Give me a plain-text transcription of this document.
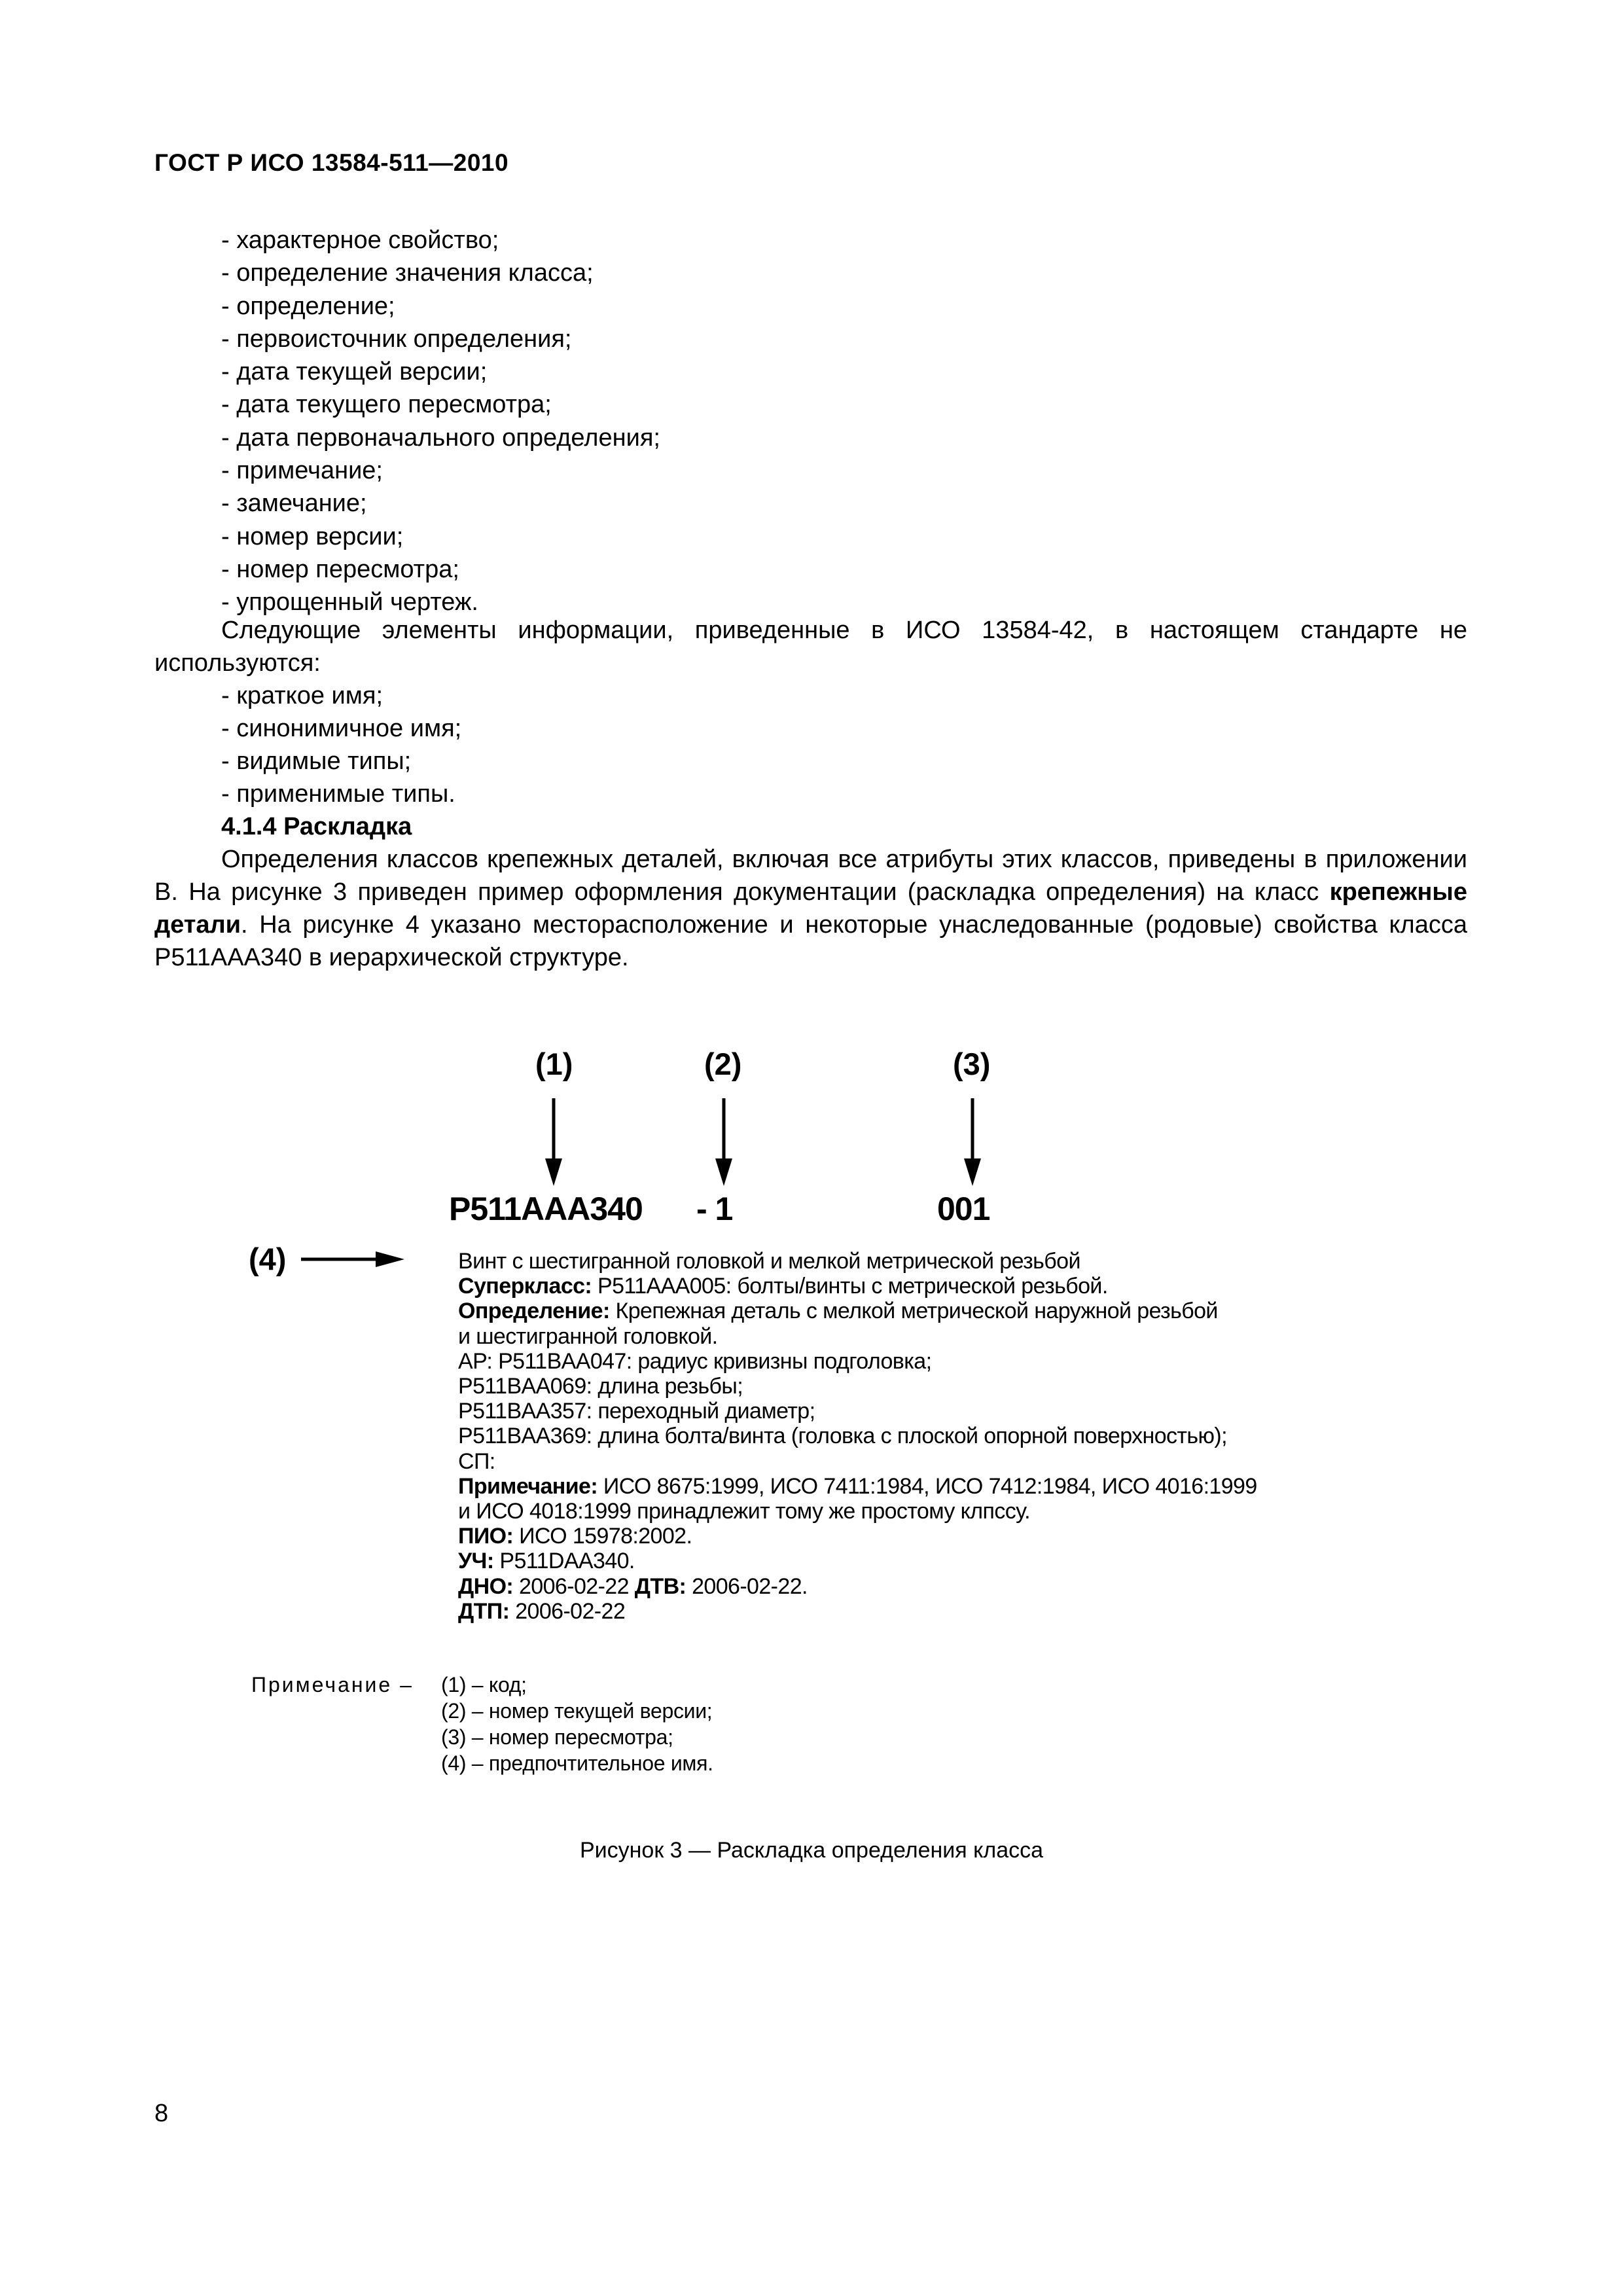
ГОСТ Р ИСО 13584-511—2010
- характерное свойство;
- определение значения класса;
- определение;
- первоисточник определения;
- дата текущей версии;
- дата текущего пересмотра;
- дата первоначального определения;
- примечание;
- замечание;
- номер версии;
- номер пересмотра;
- упрощенный чертеж.

Следующие элементы информации, приведенные в ИСО 13584-42, в настоящем стандарте не используются:

- краткое имя;
- синонимичное имя;
- видимые типы;
- применимые типы.
4.1.4 Раскладка

Определения классов крепежных деталей, включая все атрибуты этих классов, приведены в приложении В. На рисунке 3 приведен пример оформления документации (раскладка определения) на класс крепежные детали. На рисунке 4 указано месторасположение и некоторые унаследованные (родовые) свойства класса P511AAA340 в иерархической структуре.

(1)	(2)	(3)
(4)
P511AAA340 - 1	001
Винт с шестигранной головкой и мелкой метрической резьбой
Суперкласс: P511AAA005: болты/винты с метрической резьбой.
Определение: Крепежная деталь с мелкой метрической наружной резьбой
и шестигранной головкой.
АР: P511BAA047: радиус кривизны подголовка;
P511BAA069: длина резьбы;
P511BAA357: переходный диаметр;
P511BAA369: длина болта/винта (головка с плоской опорной поверхностью);
СП:
Примечание: ИСО 8675:1999, ИСО 7411:1984, ИСО 7412:1984, ИСО 4016:1999
и ИСО 4018:1999 принадлежит тому же простому клпссу.
ПИО: ИСО 15978:2002.
УЧ: P511DAA340.
ДНО: 2006-02-22 ДТВ: 2006-02-22.
ДТП: 2006-02-22
Примечание – (1) – код;
(2) – номер текущей версии;
(3) – номер пересмотра;
(4) – предпочтительное имя.
Рисунок 3 — Раскладка определения класса
8
